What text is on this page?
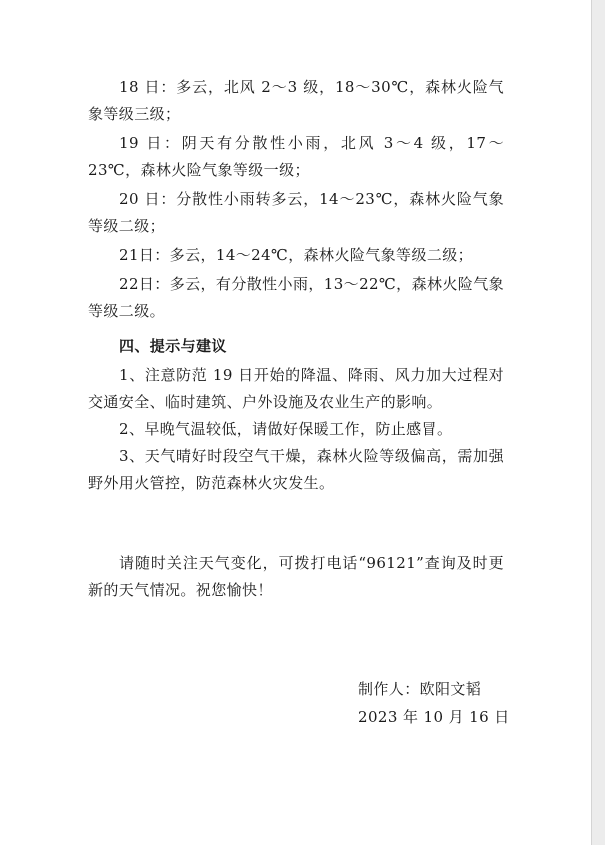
18 日：多云，北风 2～3 级，18～30℃，森林火险气象等级三级；

19 日：阴天有分散性小雨，北风 3～4 级，17～23℃，森林火险气象等级一级；

20 日：分散性小雨转多云，14～23℃，森林火险气象等级二级；

21日：多云，14～24℃，森林火险气象等级二级；

22日：多云，有分散性小雨，13～22℃，森林火险气象等级二级。

四、提示与建议

1、注意防范 19 日开始的降温、降雨、风力加大过程对交通安全、临时建筑、户外设施及农业生产的影响。

2、早晚气温较低，请做好保暖工作，防止感冒。

3、天气晴好时段空气干燥，森林火险等级偏高，需加强野外用火管控，防范森林火灾发生。

请随时关注天气变化，可拨打电话“96121”查询及时更新的天气情况。祝您愉快！

制作人：欧阳文韬
2023 年 10 月 16 日
